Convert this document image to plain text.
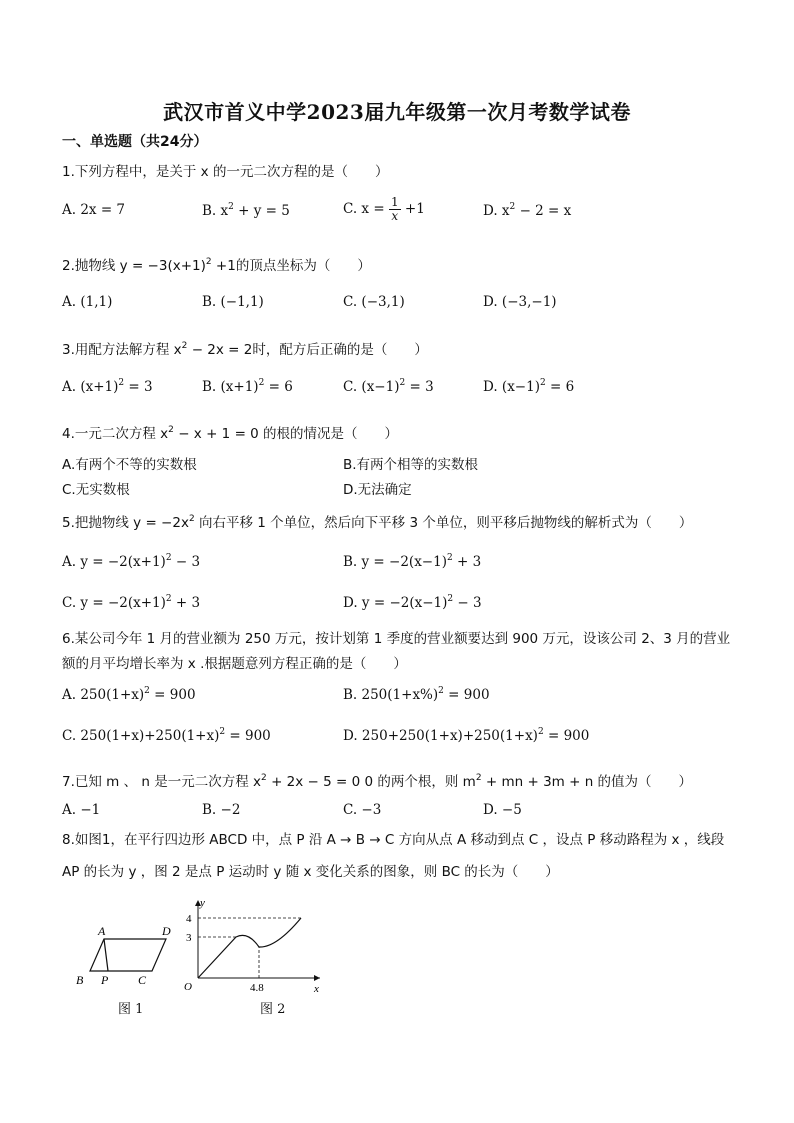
武汉市首义中学2023届九年级第一次月考数学试卷
一、单选题（共24分）
1.下列方程中，是关于 x 的一元二次方程的是（　　）
A. 2x = 7	B. $x^2 + y = 5$	C. $x = \frac{1}{x} +1$	D. $x^2 - 2 = x$
2.抛物线 $y = -3(x+1)^2 +1$的顶点坐标为（　　）
A. (1,1)	B. (−1,1)	C. (−3,1)	D. (−3,−1)
3.用配方法解方程 $x^2 - 2x = 2$时，配方后正确的是（　　）
A. $(x+1)^2 = 3$	B. $(x+1)^2 = 6$	C. $(x-1)^2 = 3$	D. $(x-1)^2 = 6$
4.一元二次方程 $x^2 - x + 1 = 0$ 的根的情况是（　　）
A.有两个不等的实数根	B.有两个相等的实数根
C.无实数根	D.无法确定
5.把抛物线 $y = -2x^2$ 向右平移 1 个单位，然后向下平移 3 个单位，则平移后抛物线的解析式为（　　）
A. $y = -2(x+1)^2 - 3$	B. $y = -2(x-1)^2 + 3$
C. $y = -2(x+1)^2 + 3$	D. $y = -2(x-1)^2 - 3$
6.某公司今年 1 月的营业额为 250 万元，按计划第 1 季度的营业额要达到 900 万元，设该公司 2、3 月的营业
额的月平均增长率为 x .根据题意列方程正确的是（　　）
A. $250(1+x)^2 = 900$	B. $250(1+x\%)^2 = 900$
C. $250(1+x)+250(1+x)^2 = 900$	D. $250+250(1+x)+250(1+x)^2 = 900$
7.已知 m 、 n 是一元二次方程 $x^2 + 2x - 5 = 0$ 0 的两个根，则 $m^2$ + mn + 3m + n 的值为（　　）
A. −1	B. −2	C. −3	D. −5
8.如图1，在平行四边形 ABCD 中，点 P 沿 A → B → C 方向从点 A 移动到点 C ，设点 P 移动路程为 x ，线段
AP 的长为 y ，图 2 是点 P 运动时 y 随 x 变化关系的图象，则 BC 的长为（　　）
A	D
B P C
图 1
y
x
O
4
3
4.8
图 2
